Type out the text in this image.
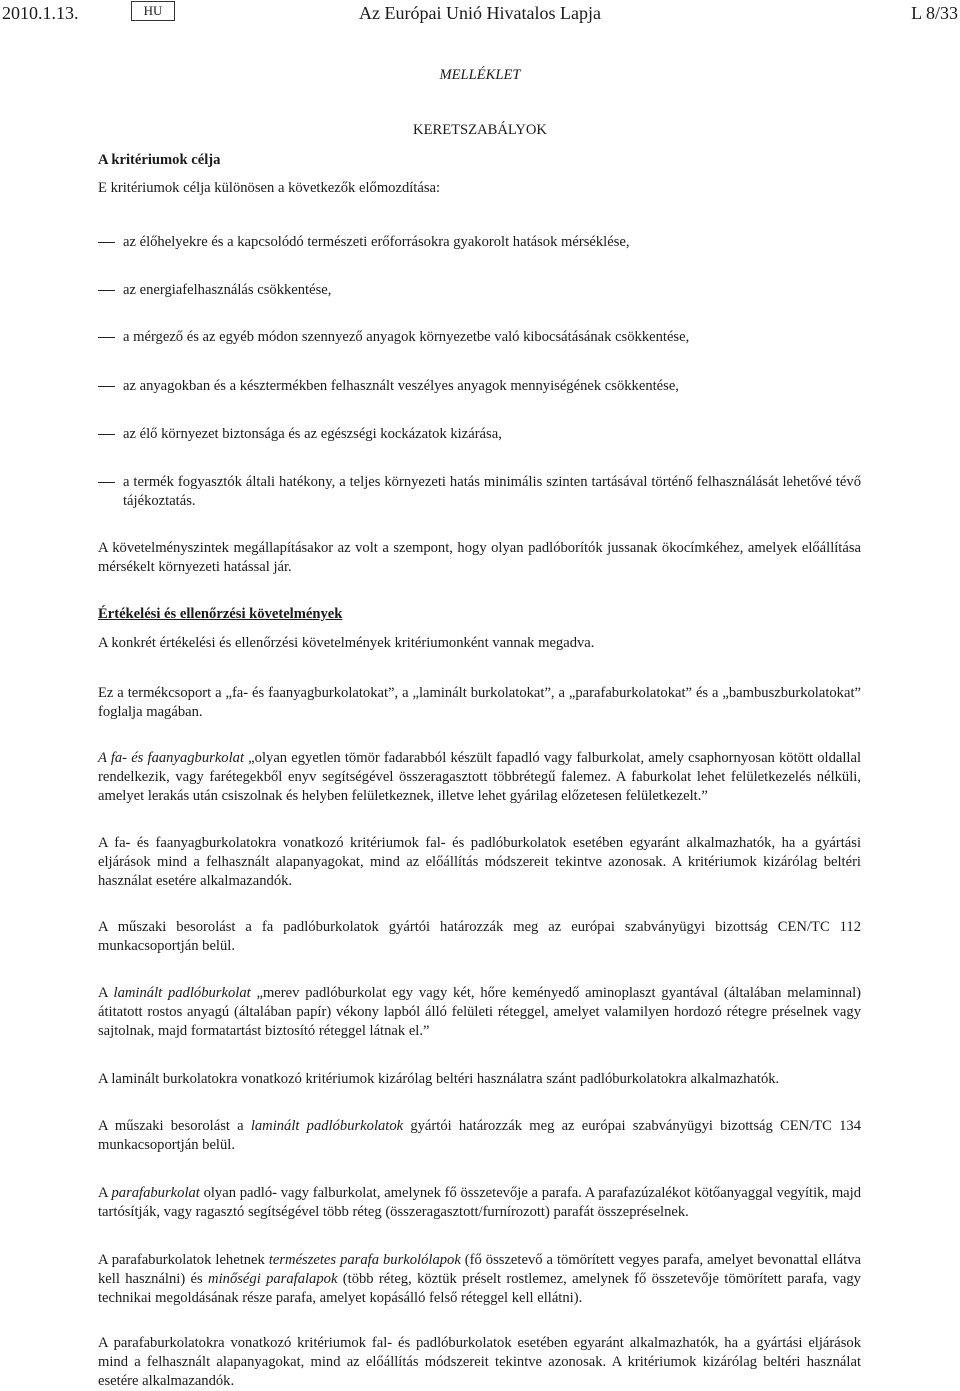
2010.1.13.	HU	Az Európai Unió Hivatalos Lapja	L 8/33
MELLÉKLET
KERETSZABÁLYOK
A kritériumok célja
E kritériumok célja különösen a következők előmozdítása:
az élőhelyekre és a kapcsolódó természeti erőforrásokra gyakorolt hatások mérséklése,
az energiafelhasználás csökkentése,
a mérgező és az egyéb módon szennyező anyagok környezetbe való kibocsátásának csökkentése,
az anyagokban és a késztermékben felhasznált veszélyes anyagok mennyiségének csökkentése,
az élő környezet biztonsága és az egészségi kockázatok kizárása,
a termék fogyasztók általi hatékony, a teljes környezeti hatás minimális szinten tartásával történő felhasználását lehetővé tévő tájékoztatás.
A követelményszintek megállapításakor az volt a szempont, hogy olyan padlóborítók jussanak ökocímkéhez, amelyek előállítása mérsékelt környezeti hatással jár.
Értékelési és ellenőrzési követelmények
A konkrét értékelési és ellenőrzési követelmények kritériumonként vannak megadva.
Ez a termékcsoport a „fa- és faanyagburkolatokat”, a „laminált burkolatokat”, a „parafaburkolatokat” és a „bambuszburkolatokat” foglalja magában.
A fa- és faanyagburkolat „olyan egyetlen tömör fadarabból készült fapadló vagy falburkolat, amely csaphornyosan kötött oldallal rendelkezik, vagy farétegekből enyv segítségével összeragasztott többrétegű falemez. A faburkolat lehet felületkezelés nélküli, amelyet lerakás után csiszolnak és helyben felületkeznek, illetve lehet gyárilag előzetesen felületkezelt.”
A fa- és faanyagburkolatokra vonatkozó kritériumok fal- és padlóburkolatok esetében egyaránt alkalmazhatók, ha a gyártási eljárások mind a felhasznált alapanyagokat, mind az előállítás módszereit tekintve azonosak. A kritériumok kizárólag beltéri használat esetére alkalmazandók.
A műszaki besorolást a fa padlóburkolatok gyártói határozzák meg az európai szabványügyi bizottság CEN/TC 112 munkacsoportján belül.
A laminált padlóburkolat „merev padlóburkolat egy vagy két, hőre keményedő aminoplaszt gyantával (általában melaminnal) átitatott rostos anyagú (általában papír) vékony lapból álló felületi réteggel, amelyet valamilyen hordozó rétegre préselnek vagy sajtolnak, majd formatartást biztosító réteggel látnak el.”
A laminált burkolatokra vonatkozó kritériumok kizárólag beltéri használatra szánt padlóburkolatokra alkalmazhatók.
A műszaki besorolást a laminált padlóburkolatok gyártói határozzák meg az európai szabványügyi bizottság CEN/TC 134 munkacsoportján belül.
A parafaburkolat olyan padló- vagy falburkolat, amelynek fő összetevője a parafa. A parafazúzalékot kötőanyaggal vegyítik, majd tartósítják, vagy ragasztó segítségével több réteg (összeragasztott/furnírozott) parafát összepréselnek.
A parafaburkolatok lehetnek természetes parafa burkolólapok (fő összetevő a tömörített vegyes parafa, amelyet bevonattal ellátva kell használni) és minőségi parafalapok (több réteg, köztük préselt rostlemez, amelynek fő összetevője tömörített parafa, vagy technikai megoldásának része parafa, amelyet kopásálló felső réteggel kell ellátni).
A parafaburkolatokra vonatkozó kritériumok fal- és padlóburkolatok esetében egyaránt alkalmazhatók, ha a gyártási eljárások mind a felhasznált alapanyagokat, mind az előállítás módszereit tekintve azonosak. A kritériumok kizárólag beltéri használat esetére alkalmazandók.
